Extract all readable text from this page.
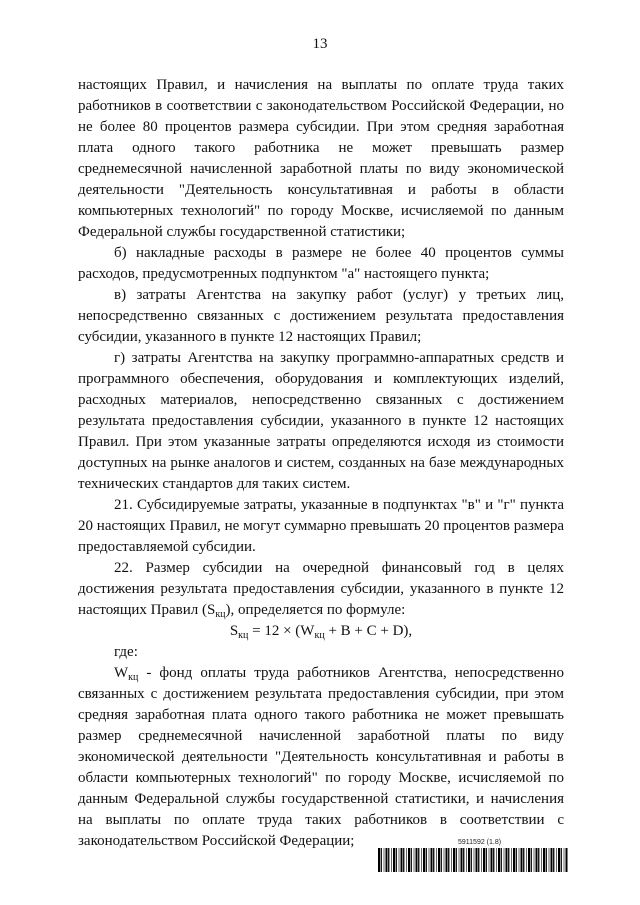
13

настоящих Правил, и начисления на выплаты по оплате труда таких работников в соответствии с законодательством Российской Федерации, но не более 80 процентов размера субсидии. При этом средняя заработная плата одного такого работника не может превышать размер среднемесячной начисленной заработной платы по виду экономической деятельности "Деятельность консультативная и работы в области компьютерных технологий" по городу Москве, исчисляемой по данным Федеральной службы государственной статистики;

б) накладные расходы в размере не более 40 процентов суммы расходов, предусмотренных подпунктом "а" настоящего пункта;

в) затраты Агентства на закупку работ (услуг) у третьих лиц, непосредственно связанных с достижением результата предоставления субсидии, указанного в пункте 12 настоящих Правил;

г) затраты Агентства на закупку программно-аппаратных средств и программного обеспечения, оборудования и комплектующих изделий, расходных материалов, непосредственно связанных с достижением результата предоставления субсидии, указанного в пункте 12 настоящих Правил. При этом указанные затраты определяются исходя из стоимости доступных на рынке аналогов и систем, созданных на базе международных технических стандартов для таких систем.

21. Субсидируемые затраты, указанные в подпунктах "в" и "г" пункта 20 настоящих Правил, не могут суммарно превышать 20 процентов размера предоставляемой субсидии.

22. Размер субсидии на очередной финансовый год в целях достижения результата предоставления субсидии, указанного в пункте 12 настоящих Правил $(S_{кц})$, определяется по формуле:

$S_{кц} = 12 \times (W_{кц} + B + C + D)$,

где:

$W_{кц}$ - фонд оплаты труда работников Агентства, непосредственно связанных с достижением результата предоставления субсидии, при этом средняя заработная плата одного такого работника не может превышать размер среднемесячной начисленной заработной платы по виду экономической деятельности "Деятельность консультативная и работы в области компьютерных технологий" по городу Москве, исчисляемой по данным Федеральной службы государственной статистики, и начисления на выплаты по оплате труда таких работников в соответствии с законодательством Российской Федерации;	5911592 (1.8)
